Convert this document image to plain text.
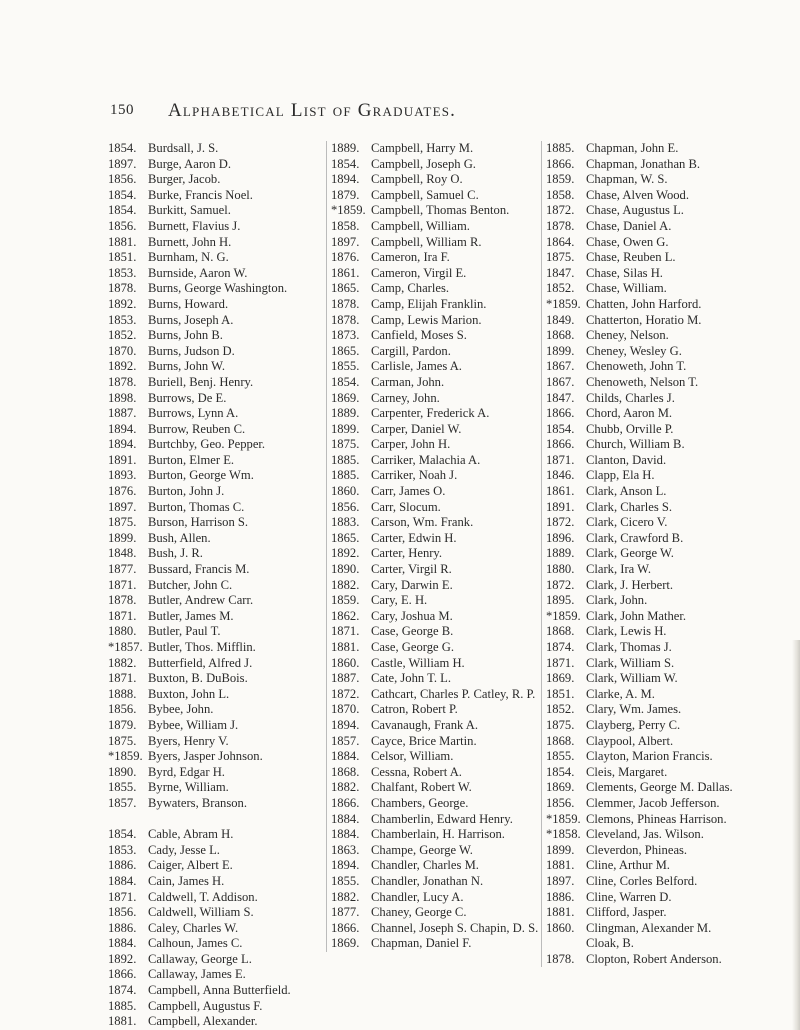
150 Alphabetical List of Graduates.
1854. Burdsall, J. S.
1897. Burge, Aaron D.
1856. Burger, Jacob.
1854. Burke, Francis Noel.
1854. Burkitt, Samuel.
1856. Burnett, Flavius J.
1881. Burnett, John H.
1851. Burnham, N. G.
1853. Burnside, Aaron W.
1878. Burns, George Washington.
1892. Burns, Howard.
1853. Burns, Joseph A.
1852. Burns, John B.
1870. Burns, Judson D.
1892. Burns, John W.
1878. Buriell, Benj. Henry.
1898. Burrows, De E.
1887. Burrows, Lynn A.
1894. Burrow, Reuben C.
1894. Burtchby, Geo. Pepper.
1891. Burton, Elmer E.
1893. Burton, George Wm.
1876. Burton, John J.
1897. Burton, Thomas C.
1875. Burson, Harrison S.
1899. Bush, Allen.
1848. Bush, J. R.
1877. Bussard, Francis M.
1871. Butcher, John C.
1878. Butler, Andrew Carr.
1871. Butler, James M.
1880. Butler, Paul T.
*1857. Butler, Thos. Mifflin.
1882. Butterfield, Alfred J.
1871. Buxton, B. DuBois.
1888. Buxton, John L.
1856. Bybee, John.
1879. Bybee, William J.
1875. Byers, Henry V.
*1859. Byers, Jasper Johnson.
1890. Byrd, Edgar H.
1855. Byrne, William.
1857. Bywaters, Branson.
1854. Cable, Abram H.
1853. Cady, Jesse L.
1886. Caiger, Albert E.
1884. Cain, James H.
1871. Caldwell, T. Addison.
1856. Caldwell, William S.
1886. Caley, Charles W.
1884. Calhoun, James C.
1892. Callaway, George L.
1866. Callaway, James E.
1874. Campbell, Anna Butterfield.
1885. Campbell, Augustus F.
1881. Campbell, Alexander.
1889. Campbell, Harry M.
1854. Campbell, Joseph G.
1894. Campbell, Roy O.
1879. Campbell, Samuel C.
*1859. Campbell, Thomas Benton.
1858. Campbell, William.
1897. Campbell, William R.
1876. Cameron, Ira F.
1861. Cameron, Virgil E.
1865. Camp, Charles.
1878. Camp, Elijah Franklin.
1878. Camp, Lewis Marion.
1873. Canfield, Moses S.
1865. Cargill, Pardon.
1855. Carlisle, James A.
1854. Carman, John.
1869. Carney, John.
1889. Carpenter, Frederick A.
1899. Carper, Daniel W.
1875. Carper, John H.
1885. Carriker, Malachia A.
1885. Carriker, Noah J.
1860. Carr, James O.
1856. Carr, Slocum.
1883. Carson, Wm. Frank.
1865. Carter, Edwin H.
1892. Carter, Henry.
1890. Carter, Virgil R.
1882. Cary, Darwin E.
1859. Cary, E. H.
1862. Cary, Joshua M.
1871. Case, George B.
1881. Case, George G.
1860. Castle, William H.
1887. Cate, John T. L.
1872. Cathcart, Charles P. Catley, R. P.
1870. Catron, Robert P.
1894. Cavanaugh, Frank A.
1857. Cayce, Brice Martin.
1884. Celsor, William.
1868. Cessna, Robert A.
1882. Chalfant, Robert W.
1866. Chambers, George.
1884. Chamberlin, Edward Henry.
1884. Chamberlain, H. Harrison.
1863. Champe, George W.
1894. Chandler, Charles M.
1855. Chandler, Jonathan N.
1882. Chandler, Lucy A.
1877. Chaney, George C.
1866. Channel, Joseph S. Chapin, D. S.
1869. Chapman, Daniel F.
1885. Chapman, John E.
1866. Chapman, Jonathan B.
1859. Chapman, W. S.
1858. Chase, Alven Wood.
1872. Chase, Augustus L.
1878. Chase, Daniel A.
1864. Chase, Owen G.
1875. Chase, Reuben L.
1847. Chase, Silas H.
1852. Chase, William.
*1859. Chatten, John Harford.
1849. Chatterton, Horatio M.
1868. Cheney, Nelson.
1899. Cheney, Wesley G.
1867. Chenoweth, John T.
1867. Chenoweth, Nelson T.
1847. Childs, Charles J.
1866. Chord, Aaron M.
1854. Chubb, Orville P.
1866. Church, William B.
1871. Clanton, David.
1846. Clapp, Ela H.
1861. Clark, Anson L.
1891. Clark, Charles S.
1872. Clark, Cicero V.
1896. Clark, Crawford B.
1889. Clark, George W.
1880. Clark, Ira W.
1872. Clark, J. Herbert.
1895. Clark, John.
*1859. Clark, John Mather.
1868. Clark, Lewis H.
1874. Clark, Thomas J.
1871. Clark, William S.
1869. Clark, William W.
1851. Clarke, A. M.
1852. Clary, Wm. James.
1875. Clayberg, Perry C.
1868. Claypool, Albert.
1855. Clayton, Marion Francis.
1854. Cleis, Margaret.
1869. Clements, George M. Dallas.
1856. Clemmer, Jacob Jefferson.
*1859. Clemons, Phineas Harrison.
*1858. Cleveland, Jas. Wilson.
1899. Cleverdon, Phineas.
1881. Cline, Arthur M.
1897. Cline, Corles Belford.
1886. Cline, Warren D.
1881. Clifford, Jasper.
1860. Clingman, Alexander M.
Cloak, B.
1878. Clopton, Robert Anderson.
